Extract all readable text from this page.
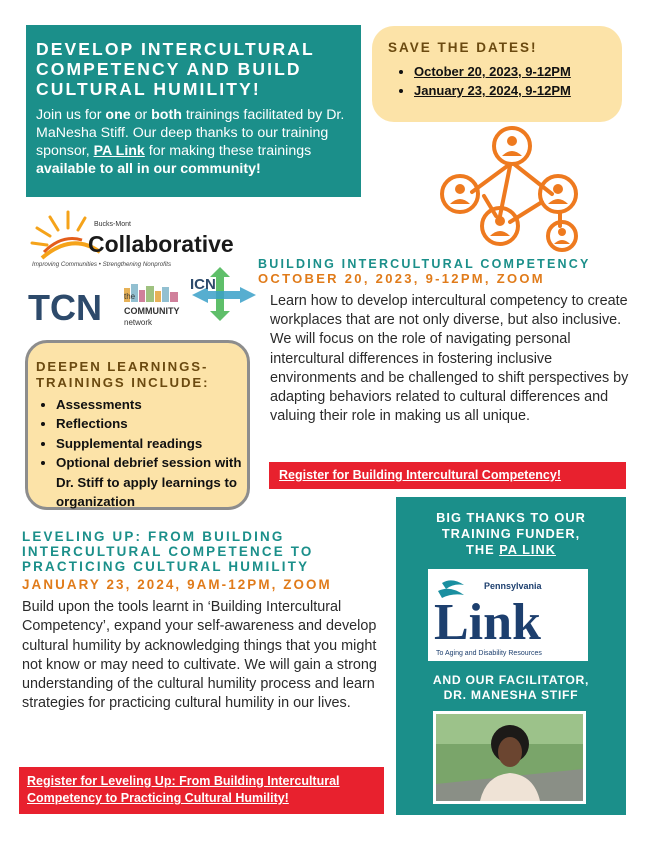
DEVELOP INTERCULTURAL COMPETENCY AND BUILD CULTURAL HUMILITY!

Join us for one or both trainings facilitated by Dr. MaNesha Stiff. Our deep thanks to our training sponsor, PA Link for making these trainings available to all in our community!

SAVE THE DATES!
• October 20, 2023, 9-12PM
• January 23, 2024, 9-12PM
Bucks-Mont
Collaborative
Improving Communities • Strengthening Nonprofits
TCN	the
COMMUNITY
network
ICN
BUILDING INTERCULTURAL COMPETENCY
OCTOBER 20, 2023, 9-12PM, ZOOM
Learn how to develop intercultural competency to create workplaces that are not only diverse, but also inclusive. We will focus on the role of navigating personal intercultural differences in fostering inclusive environments and be challenged to shift perspectives by adapting behaviors related to cultural differences and valuing their role in making us all unique.
Register for Building Intercultural Competency!
DEEPEN LEARNINGS-
TRAININGS INCLUDE:
• Assessments
• Reflections
• Supplemental readings
• Optional debrief session with Dr. Stiff to apply learnings to organization
LEVELING UP: FROM BUILDING INTERCULTURAL COMPETENCE TO PRACTICING CULTURAL HUMILITY
JANUARY 23, 2024, 9AM-12PM, ZOOM
Build upon the tools learnt in ‘Building Intercultural Competency’, expand your self-awareness and develop cultural humility by acknowledging things that you might not know or may need to cultivate. We will gain a strong understanding of the cultural humility process and learn strategies for practicing cultural humility in our lives.
Register for Leveling Up: From Building Intercultural Competency to Practicing Cultural Humility!
BIG THANKS TO OUR
TRAINING FUNDER,
THE PA LINK
Pennsylvania
Link
To Aging and Disability Resources
AND OUR FACILITATOR,
DR. MANESHA STIFF
